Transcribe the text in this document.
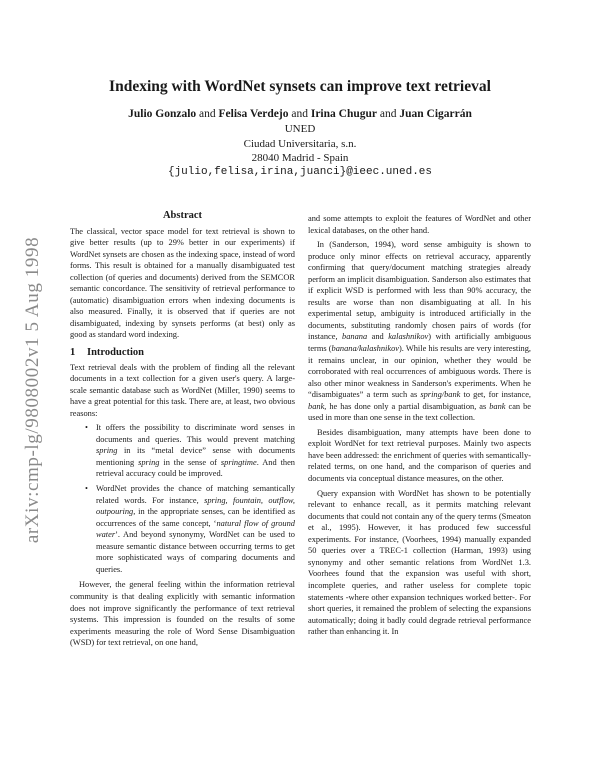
arXiv:cmp-lg/9808002v1 5 Aug 1998
Indexing with WordNet synsets can improve text retrieval
Julio Gonzalo and Felisa Verdejo and Irina Chugur and Juan Cigarrán
UNED
Ciudad Universitaria, s.n.
28040 Madrid - Spain
{julio,felisa,irina,juanci}@ieec.uned.es
Abstract

The classical, vector space model for text retrieval is shown to give better results (up to 29% better in our experiments) if WordNet synsets are chosen as the indexing space, instead of word forms. This result is obtained for a manually disambiguated test collection (of queries and documents) derived from the SEMCOR semantic concordance. The sensitivity of retrieval performance to (automatic) disambiguation errors when indexing documents is also measured. Finally, it is observed that if queries are not disambiguated, indexing by synsets performs (at best) only as good as standard word indexing.

1 Introduction

Text retrieval deals with the problem of finding all the relevant documents in a text collection for a given user's query. A large-scale semantic database such as WordNet (Miller, 1990) seems to have a great potential for this task. There are, at least, two obvious reasons:

• It offers the possibility to discriminate word senses in documents and queries. This would prevent matching spring in its “metal device” sense with documents mentioning spring in the sense of springtime. And then retrieval accuracy could be improved.
• WordNet provides the chance of matching semantically related words. For instance, spring, fountain, outflow, outpouring, in the appropriate senses, can be identified as occurrences of the same concept, ‘natural flow of ground water’. And beyond synonymy, WordNet can be used to measure semantic distance between occurring terms to get more sophisticated ways of comparing documents and queries.

However, the general feeling within the information retrieval community is that dealing explicitly with semantic information does not improve significantly the performance of text retrieval systems. This impression is founded on the results of some experiments measuring the role of Word Sense Disambiguation (WSD) for text retrieval, on one hand,

and some attempts to exploit the features of WordNet and other lexical databases, on the other hand.

In (Sanderson, 1994), word sense ambiguity is shown to produce only minor effects on retrieval accuracy, apparently confirming that query/document matching strategies already perform an implicit disambiguation. Sanderson also estimates that if explicit WSD is performed with less than 90% accuracy, the results are worse than non disambiguating at all. In his experimental setup, ambiguity is introduced artificially in the documents, substituting randomly chosen pairs of words (for instance, banana and kalashnikov) with artificially ambiguous terms (banana/kalashnikov). While his results are very interesting, it remains unclear, in our opinion, whether they would be corroborated with real occurrences of ambiguous words. There is also other minor weakness in Sanderson's experiments. When he “disambiguates” a term such as spring/bank to get, for instance, bank, he has done only a partial disambiguation, as bank can be used in more than one sense in the text collection.

Besides disambiguation, many attempts have been done to exploit WordNet for text retrieval purposes. Mainly two aspects have been addressed: the enrichment of queries with semantically-related terms, on one hand, and the comparison of queries and documents via conceptual distance measures, on the other.

Query expansion with WordNet has shown to be potentially relevant to enhance recall, as it permits matching relevant documents that could not contain any of the query terms (Smeaton et al., 1995). However, it has produced few successful experiments. For instance, (Voorhees, 1994) manually expanded 50 queries over a TREC-1 collection (Harman, 1993) using synonymy and other semantic relations from WordNet 1.3. Voorhees found that the expansion was useful with short, incomplete queries, and rather useless for complete topic statements -where other expansion techniques worked better-. For short queries, it remained the problem of selecting the expansions automatically; doing it badly could degrade retrieval performance rather than enhancing it. In
